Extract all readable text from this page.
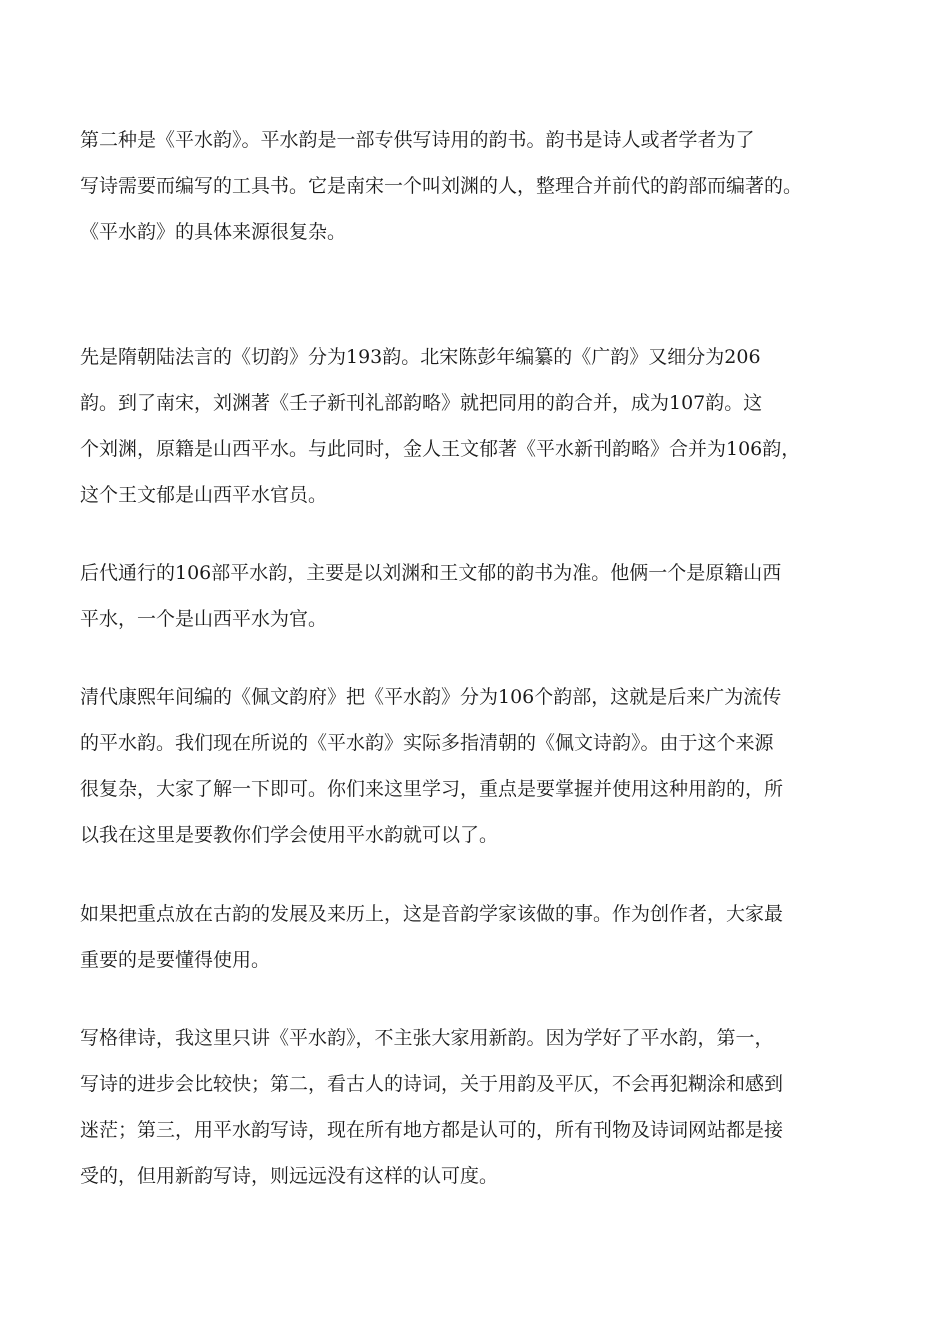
第二种是《平水韵》。平水韵是一部专供写诗用的韵书。韵书是诗人或者学者为了
写诗需要而编写的工具书。它是南宋一个叫刘渊的人，整理合并前代的韵部而编著的。
《平水韵》的具体来源很复杂。

先是隋朝陆法言的《切韵》分为193韵。北宋陈彭年编纂的《广韵》又细分为206
韵。到了南宋，刘渊著《壬子新刊礼部韵略》就把同用的韵合并，成为107韵。这
个刘渊，原籍是山西平水。与此同时，金人王文郁著《平水新刊韵略》合并为106韵，
这个王文郁是山西平水官员。

后代通行的106部平水韵，主要是以刘渊和王文郁的韵书为准。他俩一个是原籍山西
平水，一个是山西平水为官。

清代康熙年间编的《佩文韵府》把《平水韵》分为106个韵部，这就是后来广为流传
的平水韵。我们现在所说的《平水韵》实际多指清朝的《佩文诗韵》。由于这个来源
很复杂，大家了解一下即可。你们来这里学习，重点是要掌握并使用这种用韵的，所
以我在这里是要教你们学会使用平水韵就可以了。

如果把重点放在古韵的发展及来历上，这是音韵学家该做的事。作为创作者，大家最
重要的是要懂得使用。

写格律诗，我这里只讲《平水韵》，不主张大家用新韵。因为学好了平水韵，第一，
写诗的进步会比较快；第二，看古人的诗词，关于用韵及平仄，不会再犯糊涂和感到
迷茫；第三，用平水韵写诗，现在所有地方都是认可的，所有刊物及诗词网站都是接
受的，但用新韵写诗，则远远没有这样的认可度。
